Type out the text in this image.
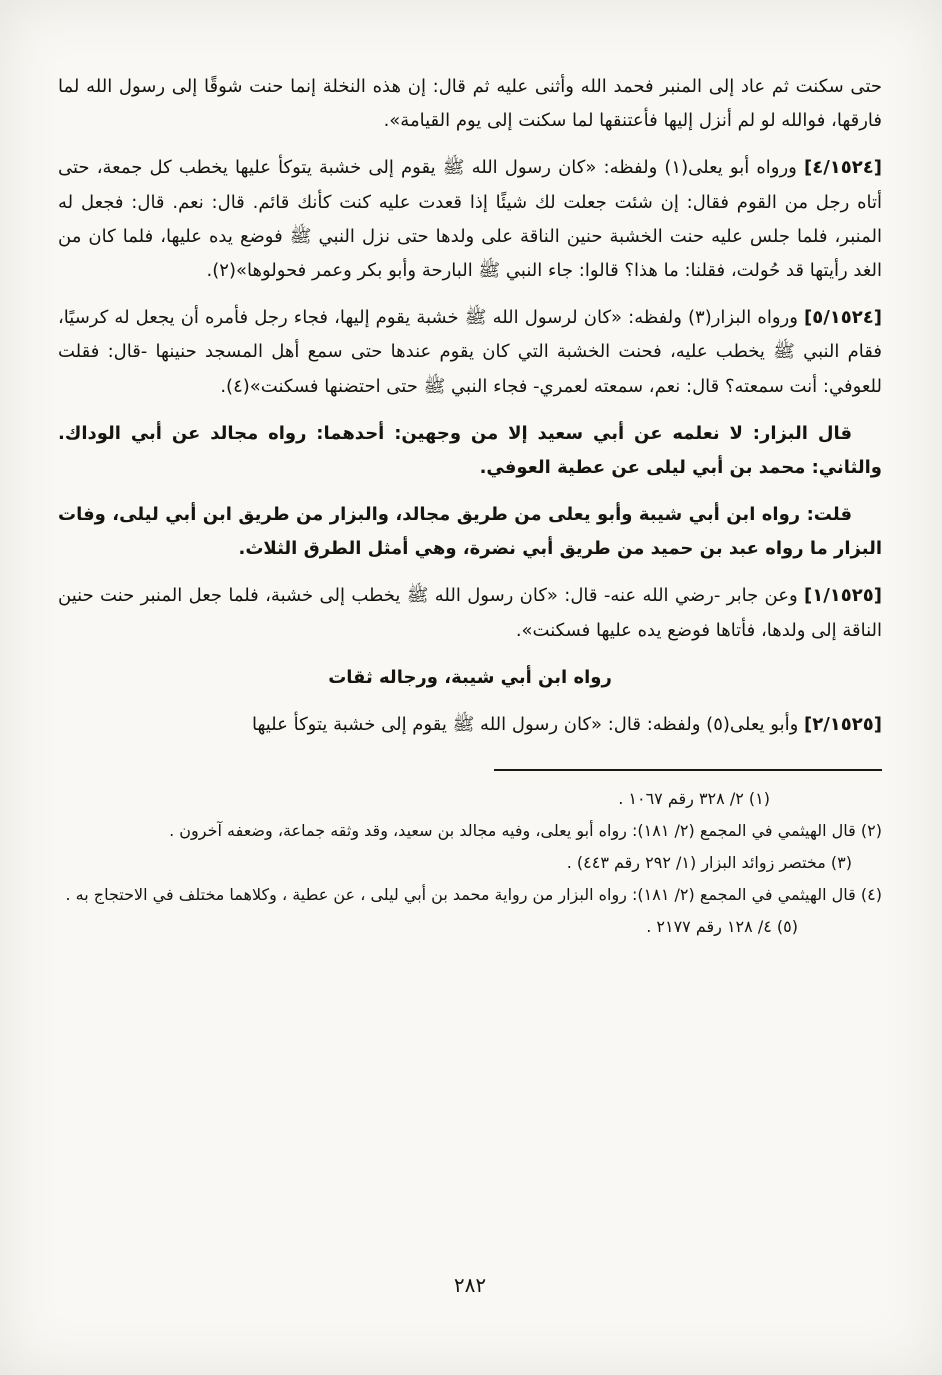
حتى سكنت ثم عاد إلى المنبر فحمد الله وأثنى عليه ثم قال: إن هذه النخلة إنما حنت شوقًا إلى رسول الله لما فارقها، فوالله لو لم أنزل إليها فأعتنقها لما سكنت إلى يوم القيامة».

[٤/١٥٢٤] ورواه أبو يعلى(١) ولفظه: «كان رسول الله ﷺ يقوم إلى خشبة يتوكأ عليها يخطب كل جمعة، حتى أتاه رجل من القوم فقال: إن شئت جعلت لك شيئًا إذا قعدت عليه كنت كأنك قائم. قال: نعم. قال: فجعل له المنبر، فلما جلس عليه حنت الخشبة حنين الناقة على ولدها حتى نزل النبي ﷺ فوضع يده عليها، فلما كان من الغد رأيتها قد حُولت، فقلنا: ما هذا؟ قالوا: جاء النبي ﷺ البارحة وأبو بكر وعمر فحولوها»(٢).

[٥/١٥٢٤] ورواه البزار(٣) ولفظه: «كان لرسول الله ﷺ خشبة يقوم إليها، فجاء رجل فأمره أن يجعل له كرسيًا، فقام النبي ﷺ يخطب عليه، فحنت الخشبة التي كان يقوم عندها حتى سمع أهل المسجد حنينها -قال: فقلت للعوفي: أنت سمعته؟ قال: نعم، سمعته لعمري- فجاء النبي ﷺ حتى احتضنها فسكنت»(٤).

قال البزار: لا نعلمه عن أبي سعيد إلا من وجهين: أحدهما: رواه مجالد عن أبي الوداك. والثاني: محمد بن أبي ليلى عن عطية العوفي.

قلت: رواه ابن أبي شيبة وأبو يعلى من طريق مجالد، والبزار من طريق ابن أبي ليلى، وفات البزار ما رواه عبد بن حميد من طريق أبي نضرة، وهي أمثل الطرق الثلاث.

[١/١٥٢٥] وعن جابر -رضي الله عنه- قال: «كان رسول الله ﷺ يخطب إلى خشبة، فلما جعل المنبر حنت حنين الناقة إلى ولدها، فأتاها فوضع يده عليها فسكنت».

رواه ابن أبي شيبة، ورجاله ثقات

[٢/١٥٢٥] وأبو يعلى(٥) ولفظه: قال: «كان رسول الله ﷺ يقوم إلى خشبة يتوكأ عليها

(١) ٢/ ٣٢٨ رقم ١٠٦٧ .

(٢) قال الهيثمي في المجمع (٢/ ١٨١): رواه أبو يعلى، وفيه مجالد بن سعيد، وقد وثقه جماعة، وضعفه آخرون .

(٣) مختصر زوائد البزار (١/ ٢٩٢ رقم ٤٤٣) .

(٤) قال الهيثمي في المجمع (٢/ ١٨١): رواه البزار من رواية محمد بن أبي ليلى ، عن عطية ، وكلاهما مختلف في الاحتجاج به .

(٥) ٤/ ١٢٨ رقم ٢١٧٧ .

٢٨٢
